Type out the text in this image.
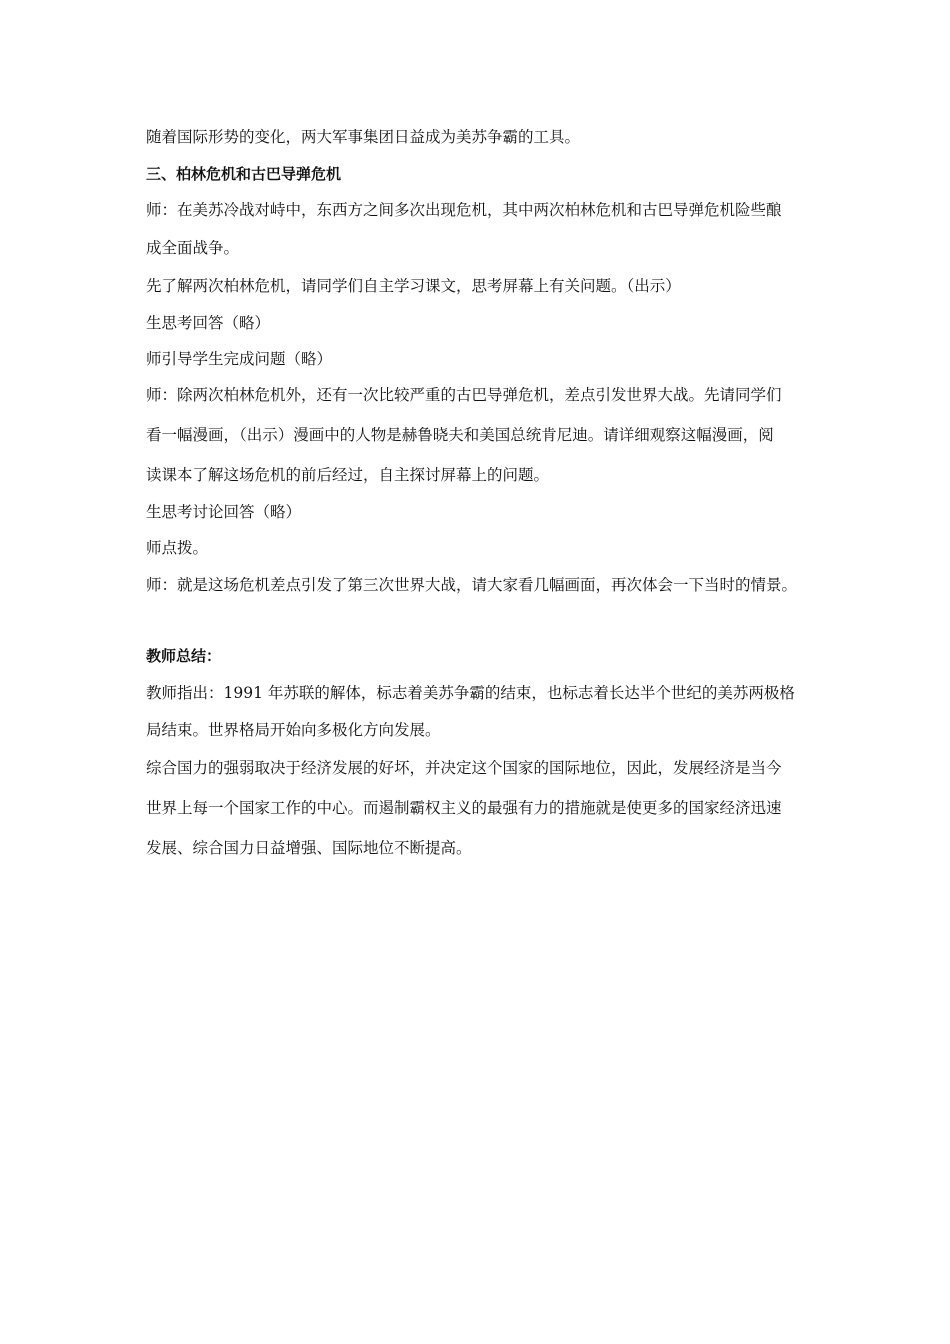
随着国际形势的变化，两大军事集团日益成为美苏争霸的工具。
三、柏林危机和古巴导弹危机
师：在美苏冷战对峙中，东西方之间多次出现危机，其中两次柏林危机和古巴导弹危机险些酿
成全面战争。
先了解两次柏林危机，请同学们自主学习课文，思考屏幕上有关问题。（出示）
生思考回答（略）
师引导学生完成问题（略）
师：除两次柏林危机外，还有一次比较严重的古巴导弹危机，差点引发世界大战。先请同学们
看一幅漫画，（出示）漫画中的人物是赫鲁晓夫和美国总统肯尼迪。请详细观察这幅漫画，阅
读课本了解这场危机的前后经过，自主探讨屏幕上的问题。
生思考讨论回答（略）
师点拨。
师：就是这场危机差点引发了第三次世界大战，请大家看几幅画面，再次体会一下当时的情景。
教师总结：
教师指出：1991 年苏联的解体，标志着美苏争霸的结束，也标志着长达半个世纪的美苏两极格
局结束。世界格局开始向多极化方向发展。
综合国力的强弱取决于经济发展的好坏，并决定这个国家的国际地位，因此，发展经济是当今
世界上每一个国家工作的中心。而遏制霸权主义的最强有力的措施就是使更多的国家经济迅速
发展、综合国力日益增强、国际地位不断提高。
